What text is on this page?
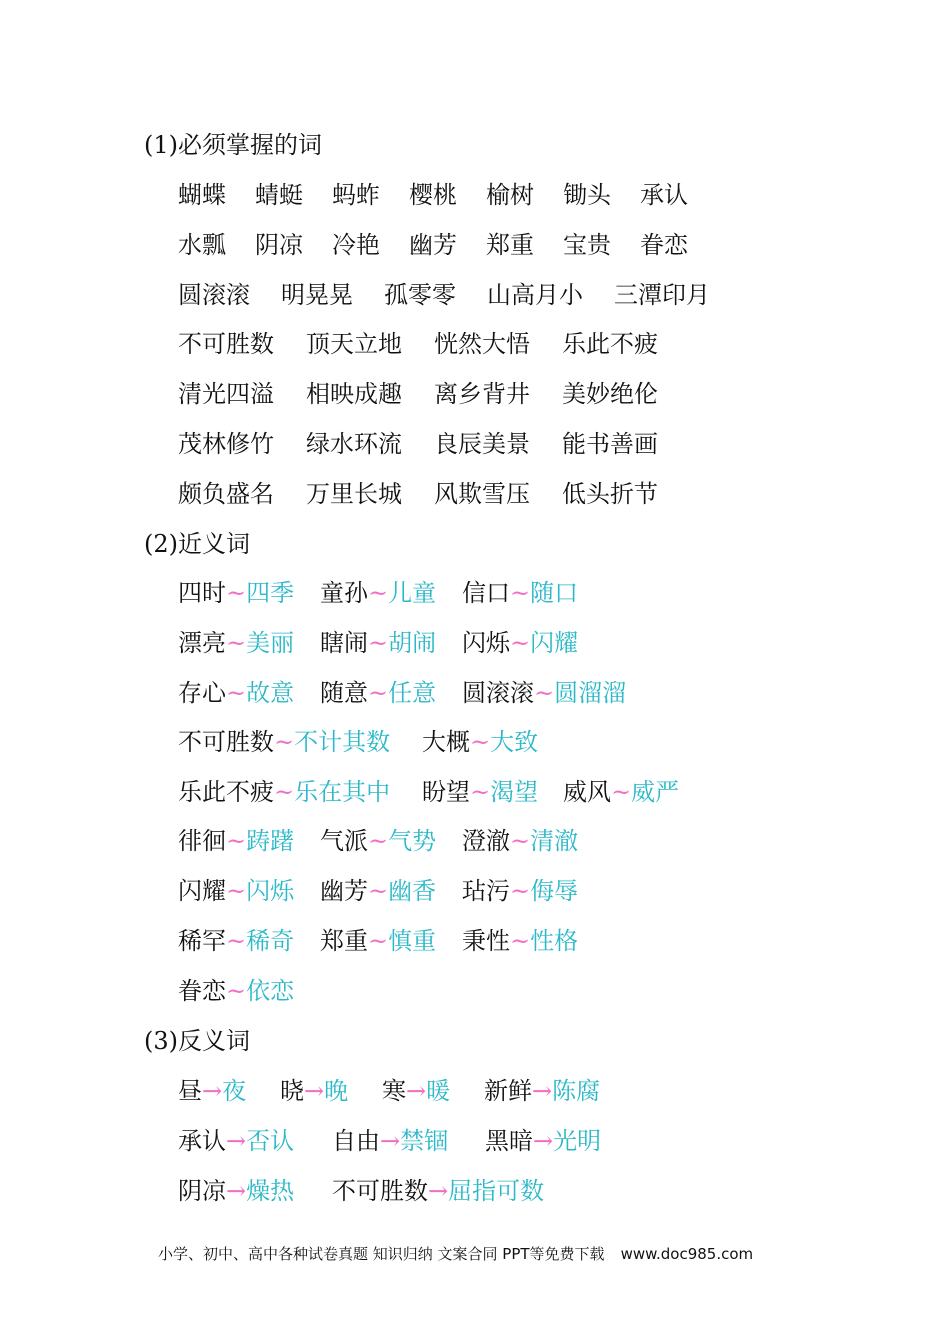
(1)必须掌握的词
蝴蝶 蜻蜓 蚂蚱 樱桃 榆树 锄头 承认
水瓢 阴凉 冷艳 幽芳 郑重 宝贵 眷恋
圆滚滚 明晃晃 孤零零 山高月小 三潭印月
不可胜数 顶天立地 恍然大悟 乐此不疲
清光四溢 相映成趣 离乡背井 美妙绝伦
茂林修竹 绿水环流 良辰美景 能书善画
颇负盛名 万里长城 风欺雪压 低头折节
(2)近义词
四时~四季 童孙~儿童 信口~随口
漂亮~美丽 瞎闹~胡闹 闪烁~闪耀
存心~故意 随意~任意 圆滚滚~圆溜溜
不可胜数~不计其数 大概~大致
乐此不疲~乐在其中 盼望~渴望 威风~威严
徘徊~踌躇 气派~气势 澄澈~清澈
闪耀~闪烁 幽芳~幽香 玷污~侮辱
稀罕~稀奇 郑重~慎重 秉性~性格
眷恋~依恋
(3)反义词
昼→夜 晓→晚 寒→暖 新鲜→陈腐
承认→否认 自由→禁锢 黑暗→光明
阴凉→燥热 不可胜数→屈指可数
小学、初中、高中各种试卷真题 知识归纳 文案合同 PPT等免费下载 www.doc985.com
